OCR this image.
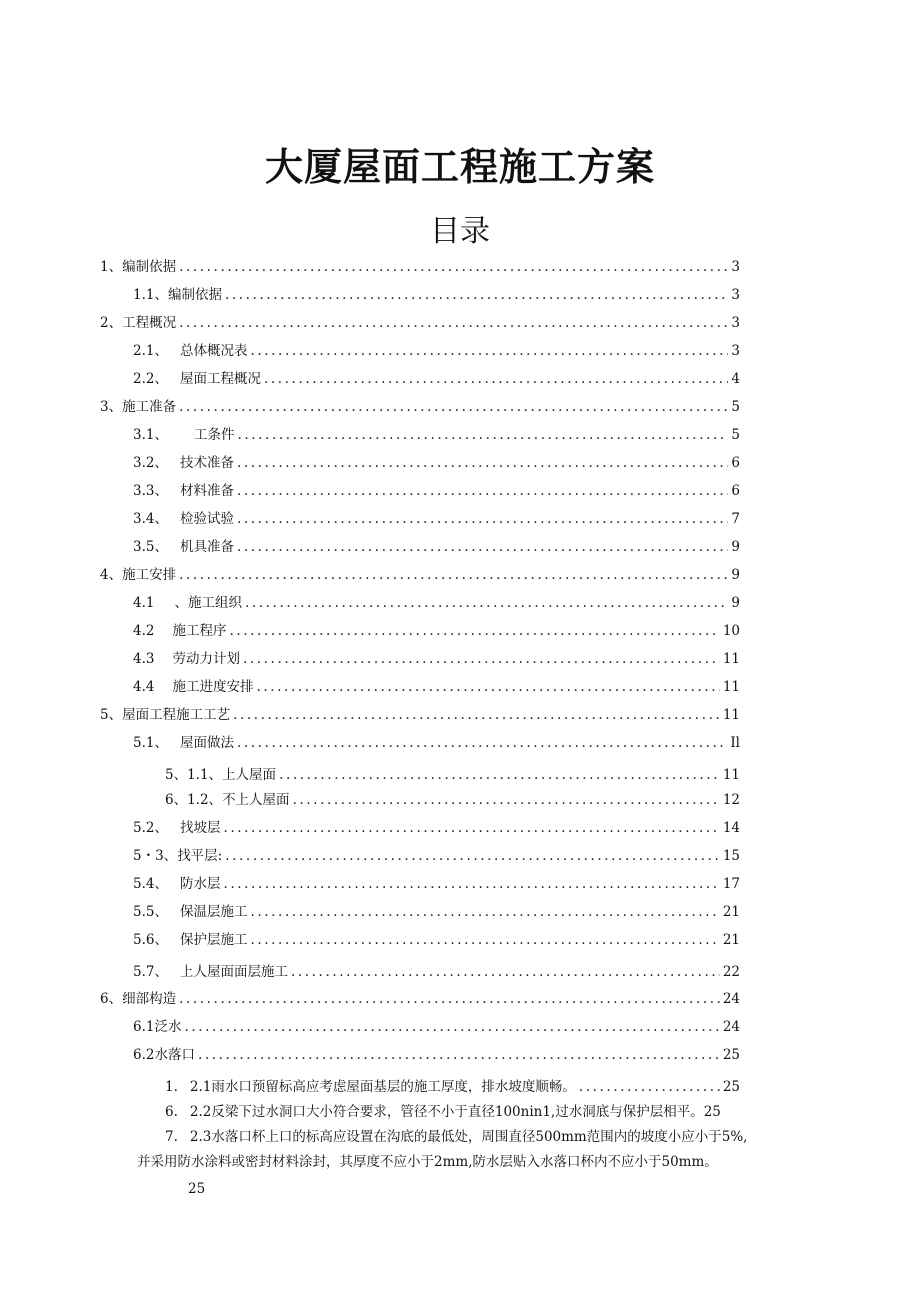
大厦屋面工程施工方案
目录
1、编制依据 .....	3
1.1、编制依据 .....	3
2、工程概况 .....	3
2.1、 总体概况表 .....	3
2.2、 屋面工程概况 .....	4
3、施工准备 .....	5
3.1、 工条件 .....	5
3.2、 技术准备 .....	6
3.3、 材料准备 .....	6
3.4、 检验试验 .....	7
3.5、 机具准备 .....	9
4、施工安排 .....	9
4.1 、施工组织 .....	9
4.2 施工程序 .....	10
4.3 劳动力计划 .....	11
4.4 施工进度安排 .....	11
5、屋面工程施工工艺 .....	11
5.1、 屋面做法 .....	Il
5、1.1、上人屋面 .....	11
6、1.2、不上人屋面 .....	12
5.2、 找坡层 .....	14
5・3、找平层: .....	15
5.4、 防水层 .....	17
5.5、 保温层施工 .....	21
5.6、 保护层施工 .....	21
5.7、 上人屋面面层施工 .....	22
6、细部构造 .....	24
6.1泛水 .....	24
6.2水落口 .....	25
1. 2.1雨水口预留标高应考虑屋面基层的施工厚度，排水坡度顺畅。 .....	25
6. 2.2反梁下过水洞口大小符合要求，管径不小于直径100nin1,过水洞底与保护层相平。25
7. 2.3水落口杯上口的标高应设置在沟底的最低处，周围直径500mm范围内的坡度小应小于5%,
并采用防水涂料或密封材料涂封，其厚度不应小于2mm,防水层贴入水落口杯内不应小于50mm。
25
